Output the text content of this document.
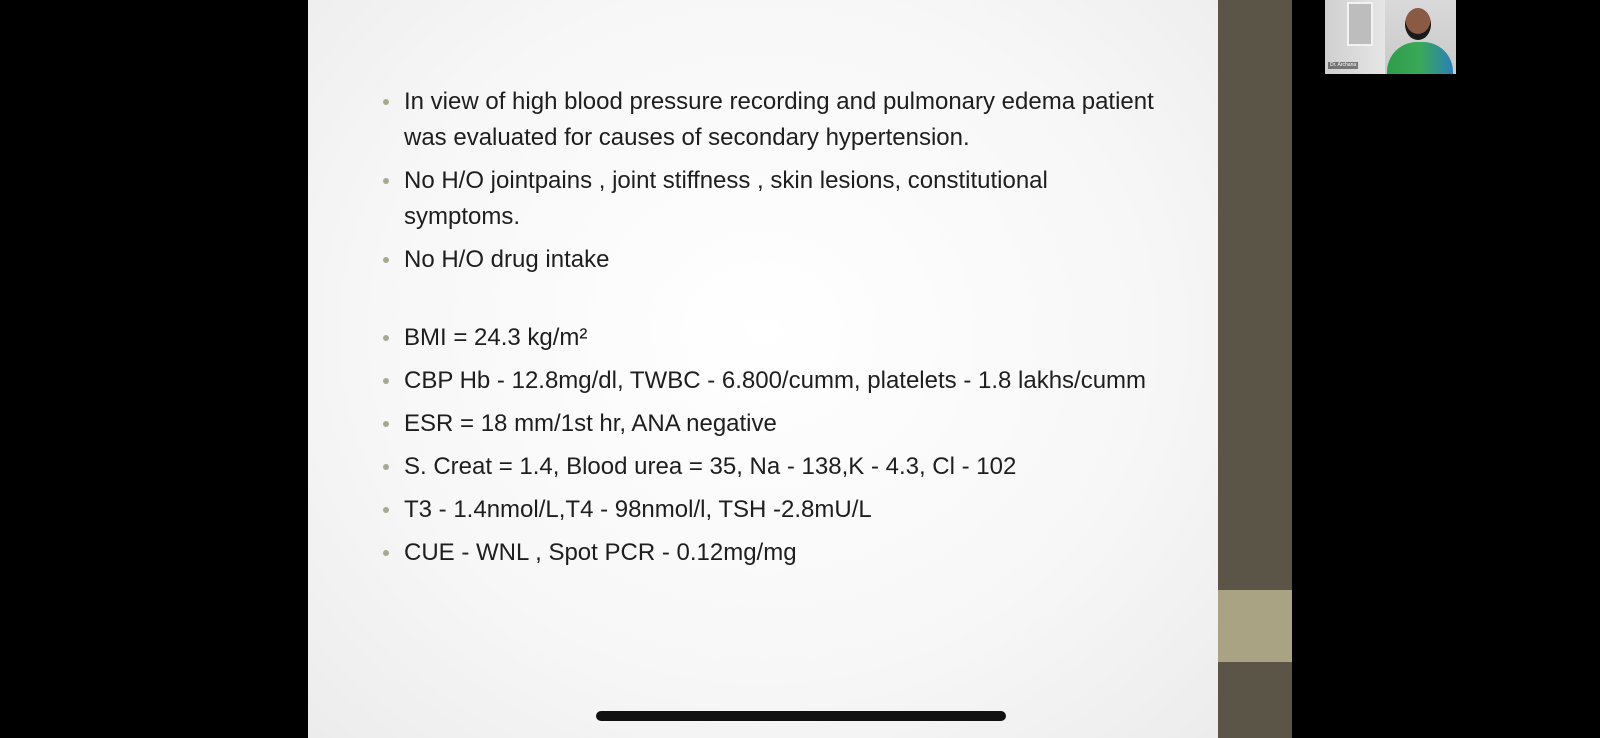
In view of high blood pressure recording and pulmonary edema patient was evaluated for causes of secondary hypertension.
No H/O jointpains , joint stiffness , skin lesions, constitutional symptoms.
No H/O drug intake
BMI = 24.3 kg/m²
CBP Hb - 12.8mg/dl, TWBC - 6.800/cumm, platelets - 1.8 lakhs/cumm
ESR = 18 mm/1st hr, ANA negative
S. Creat = 1.4, Blood urea = 35, Na - 138,K - 4.3, Cl - 102
T3 - 1.4nmol/L,T4 - 98nmol/l, TSH -2.8mU/L
CUE - WNL , Spot PCR - 0.12mg/mg
Dr. Archana
